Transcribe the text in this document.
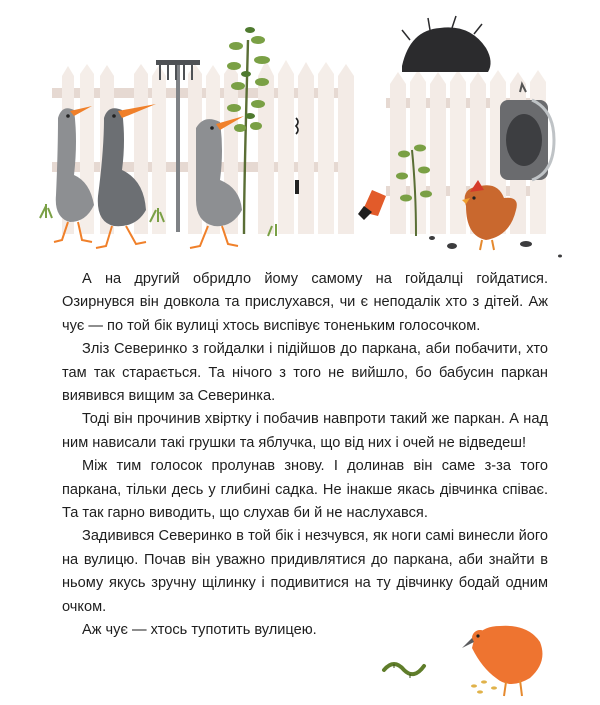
А на другий обридло йому самому на гойдалці гойдатися. Озирнувся він довкола та прислухався, чи є неподалік хто з дітей. Аж чує — по той бік вулиці хтось виспівує тоненьким голосочком.

Зліз Северинко з гойдалки і підійшов до паркана, аби побачити, хто там так старається. Та нічого з того не вийшло, бо бабусин паркан виявився вищим за Северинка.

Тоді він прочинив хвіртку і побачив навпроти такий же паркан. А над ним нависали такі грушки та яблучка, що від них і очей не відведеш!

Між тим голосок пролунав знову. І долинав він саме з-за того паркана, тільки десь у глибині садка. Не інакше якась дівчинка співає. Та так гарно виводить, що слухав би й не наслухався.

Задивився Северинко в той бік і незчувся, як ноги самі винесли його на вулицю. Почав він уважно придивлятися до паркана, аби знайти в ньому якусь зручну щілинку і подивитися на ту дівчинку бодай одним очком.

Аж чує — хтось тупотить вулицею.
